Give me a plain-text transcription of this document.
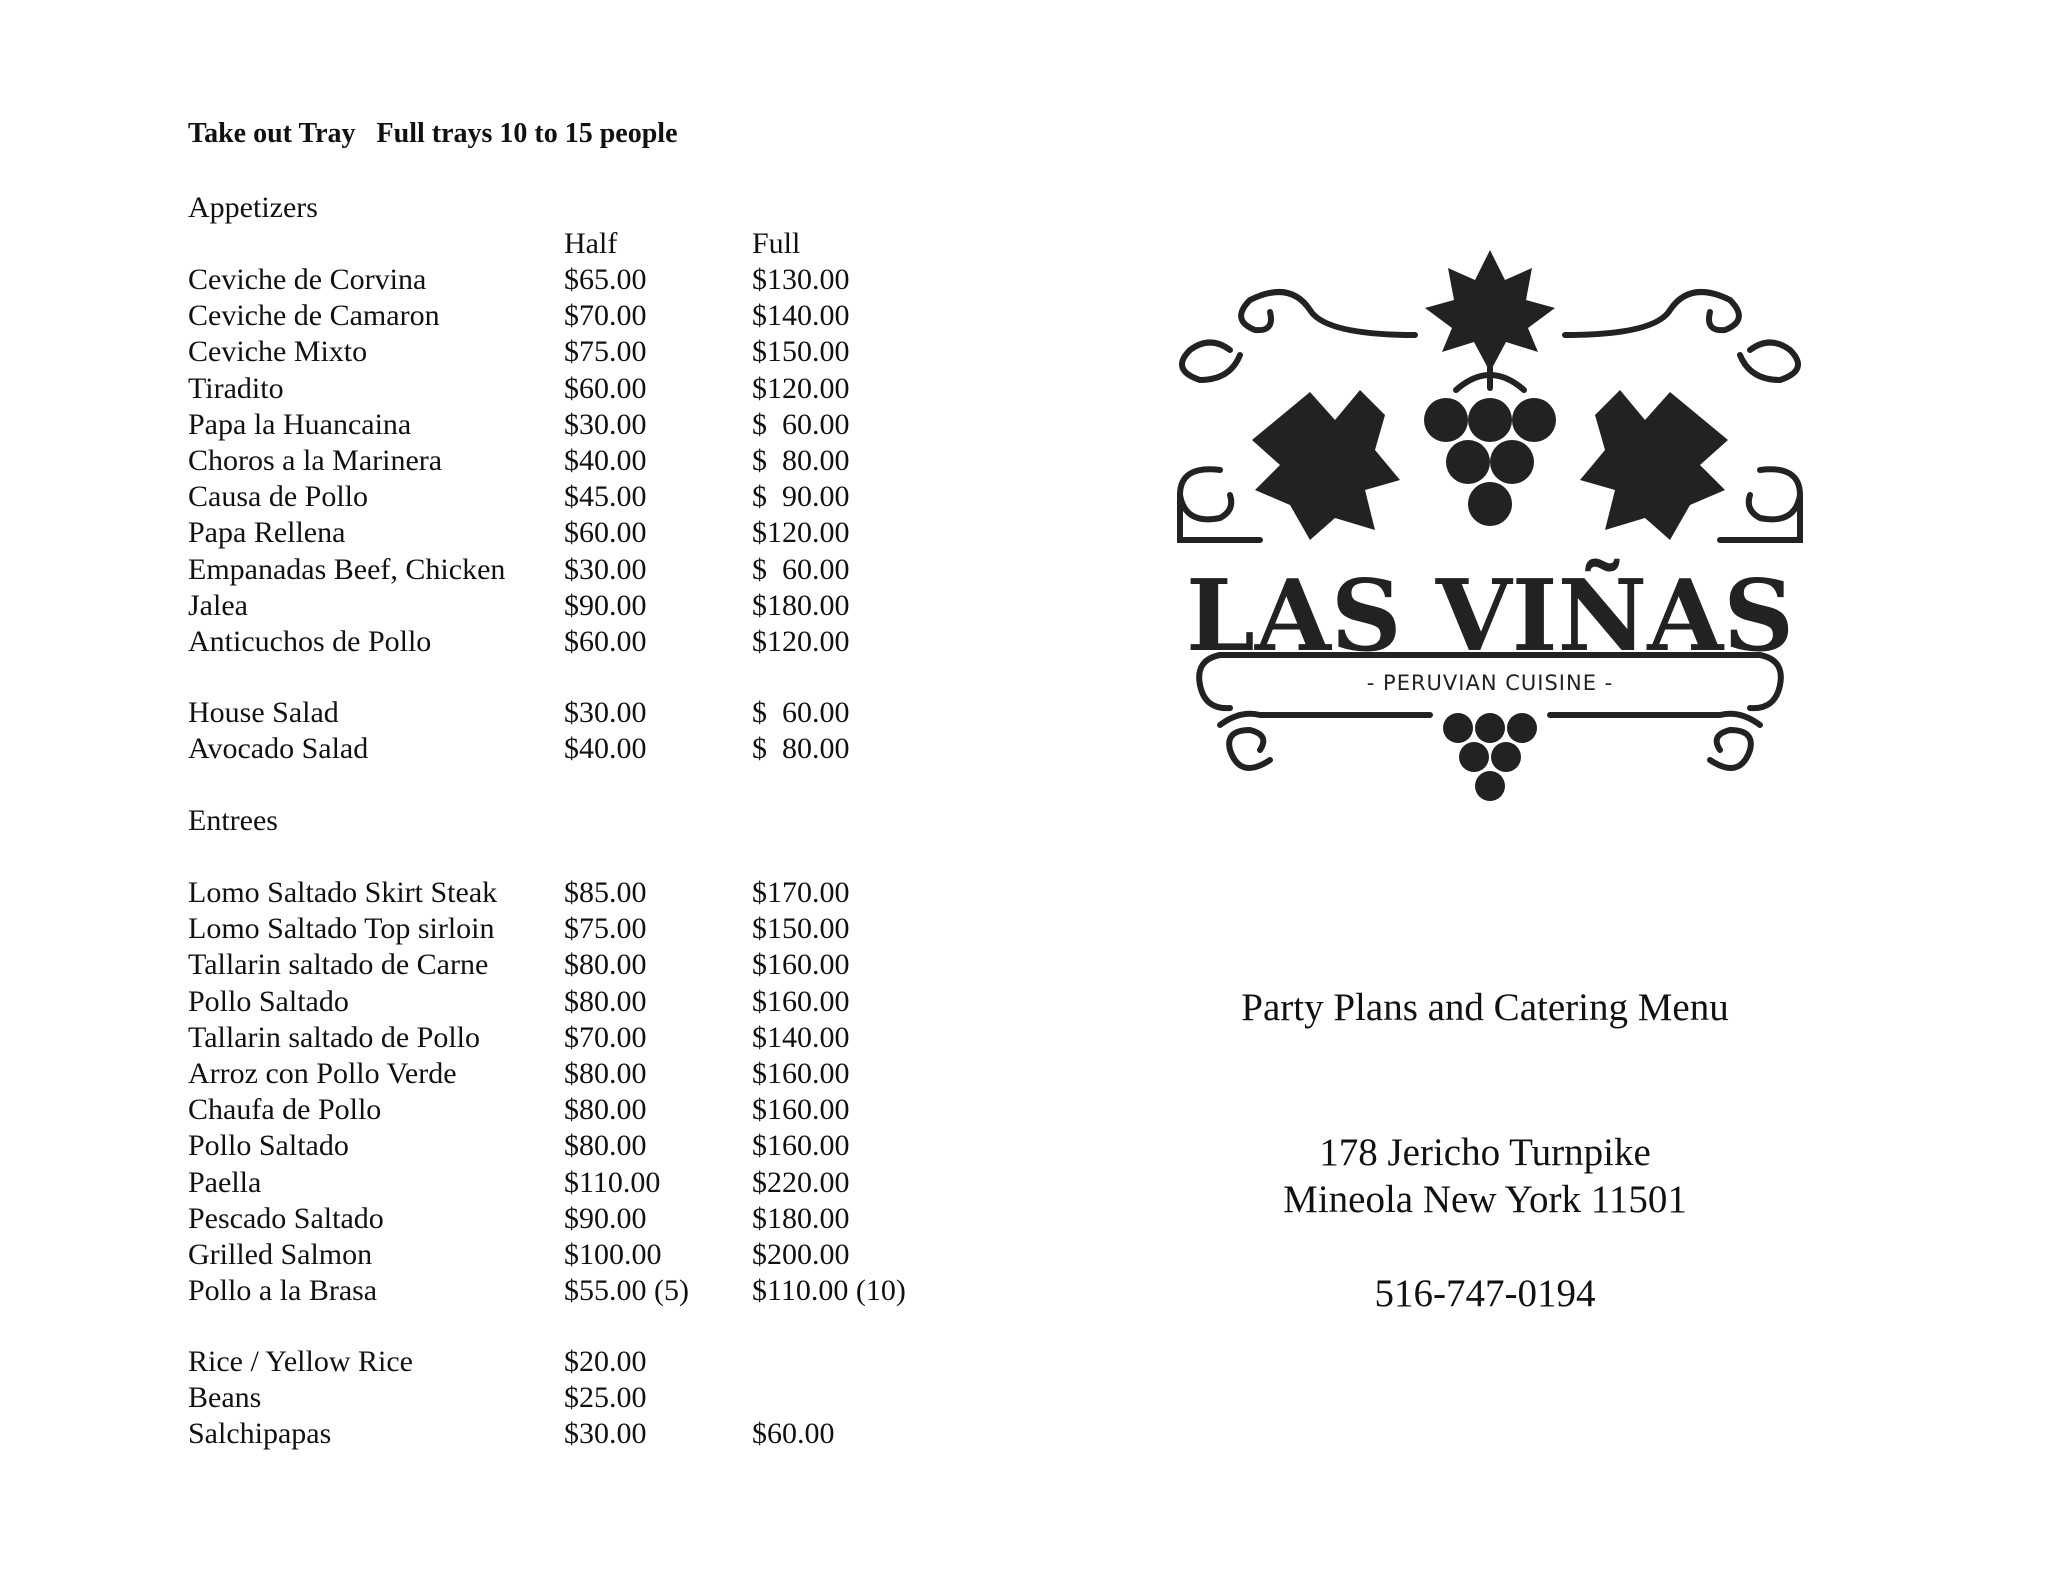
Take out Tray   Full trays 10 to 15 people
Appetizers
Half	Full
Ceviche de Corvina	$65.00	$130.00
Ceviche de Camaron	$70.00	$140.00
Ceviche Mixto	$75.00	$150.00
Tiradito	$60.00	$120.00
Papa la Huancaina	$30.00	$  60.00
Choros a la Marinera	$40.00	$  80.00
Causa de Pollo	$45.00	$  90.00
Papa Rellena	$60.00	$120.00
Empanadas Beef, Chicken $30.00	$  60.00
Jalea	$90.00	$180.00
Anticuchos de Pollo	$60.00	$120.00
House Salad	$30.00	$  60.00
Avocado Salad	$40.00	$  80.00
Entrees
Lomo Saltado Skirt Steak $85.00	$170.00
Lomo Saltado Top sirloin $75.00	$150.00
Tallarin saltado de Carne	$80.00	$160.00
Pollo Saltado	$80.00	$160.00
Tallarin saltado de Pollo	$70.00	$140.00
Arroz con Pollo Verde	$80.00	$160.00
Chaufa de Pollo	$80.00	$160.00
Pollo Saltado	$80.00	$160.00
Paella	$110.00	$220.00
Pescado Saltado	$90.00	$180.00
Grilled Salmon	$100.00	$200.00
Pollo a la Brasa	$55.00 (5) $110.00 (10)
Rice / Yellow Rice	$20.00
Beans	$25.00
Salchipapas	$30.00	$60.00
LAS VIÑAS
- PERUVIAN CUISINE -
Party Plans and Catering Menu
178 Jericho Turnpike
Mineola New York 11501
516-747-0194
